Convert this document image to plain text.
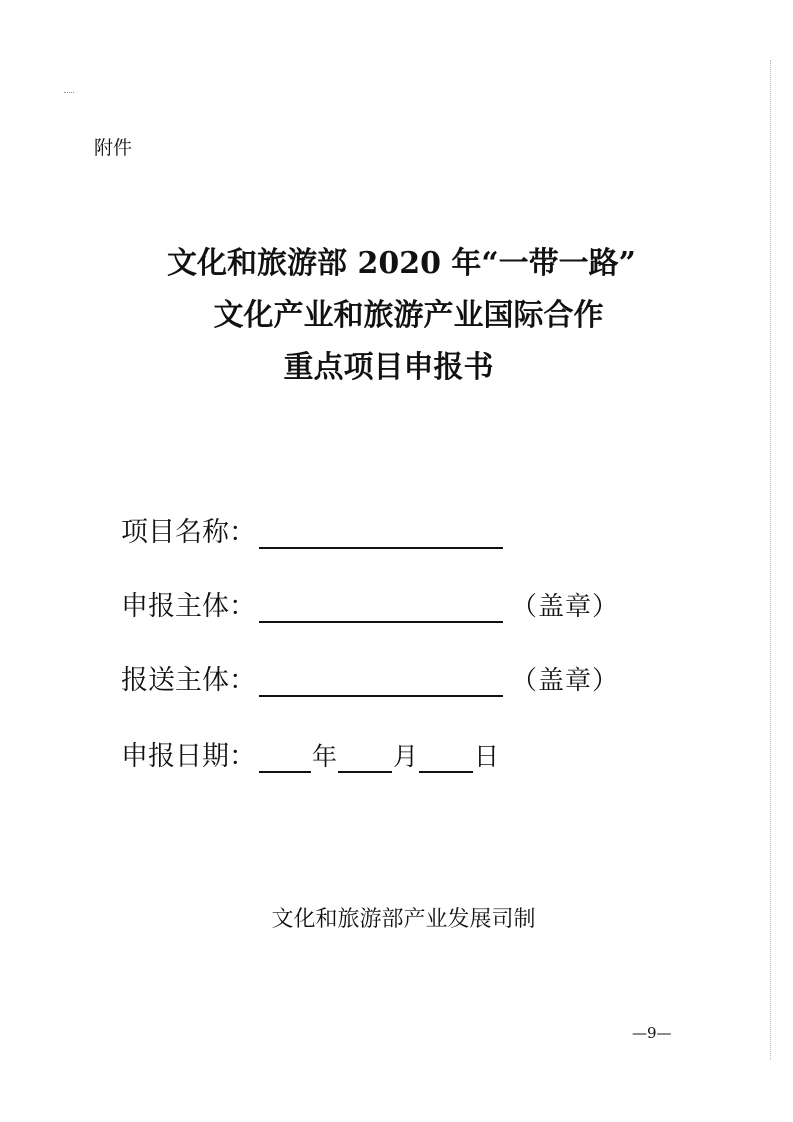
附件
文化和旅游部 2020 年“一带一路”
文化产业和旅游产业国际合作
重点项目申报书
项目名称：
申报主体：	（盖章）
报送主体：	（盖章）
申报日期： 年 月 日
文化和旅游部产业发展司制
—9—
